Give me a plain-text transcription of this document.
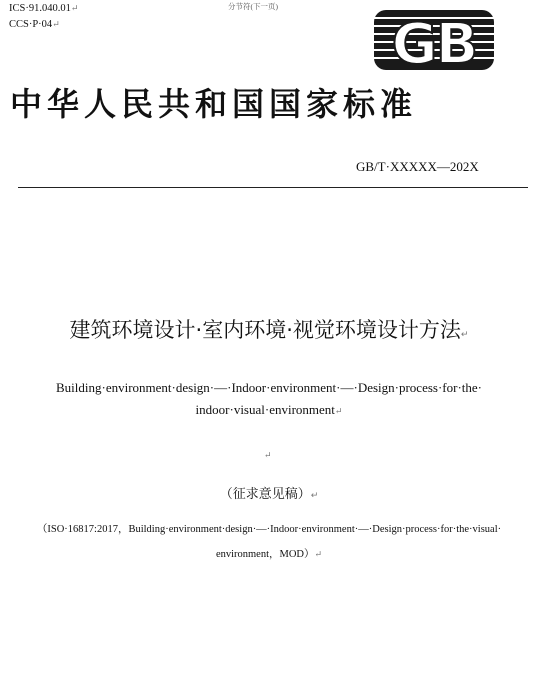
ICS·91.040.01↵
CCS·P·04↵
分节符(下一页)
GB
中华人民共和国国家标准
GB/T·XXXXX—202X
建筑环境设计·室内环境·视觉环境设计方法↵
Building·environment·design·—·Indoor·environment·—·Design·process·for·the·
indoor·visual·environment↵
↵
（征求意见稿）↵
（ISO·16817:2017，Building·environment·design·—·Indoor·environment·—·Design·process·for·the·visual·
environment，MOD）↵
